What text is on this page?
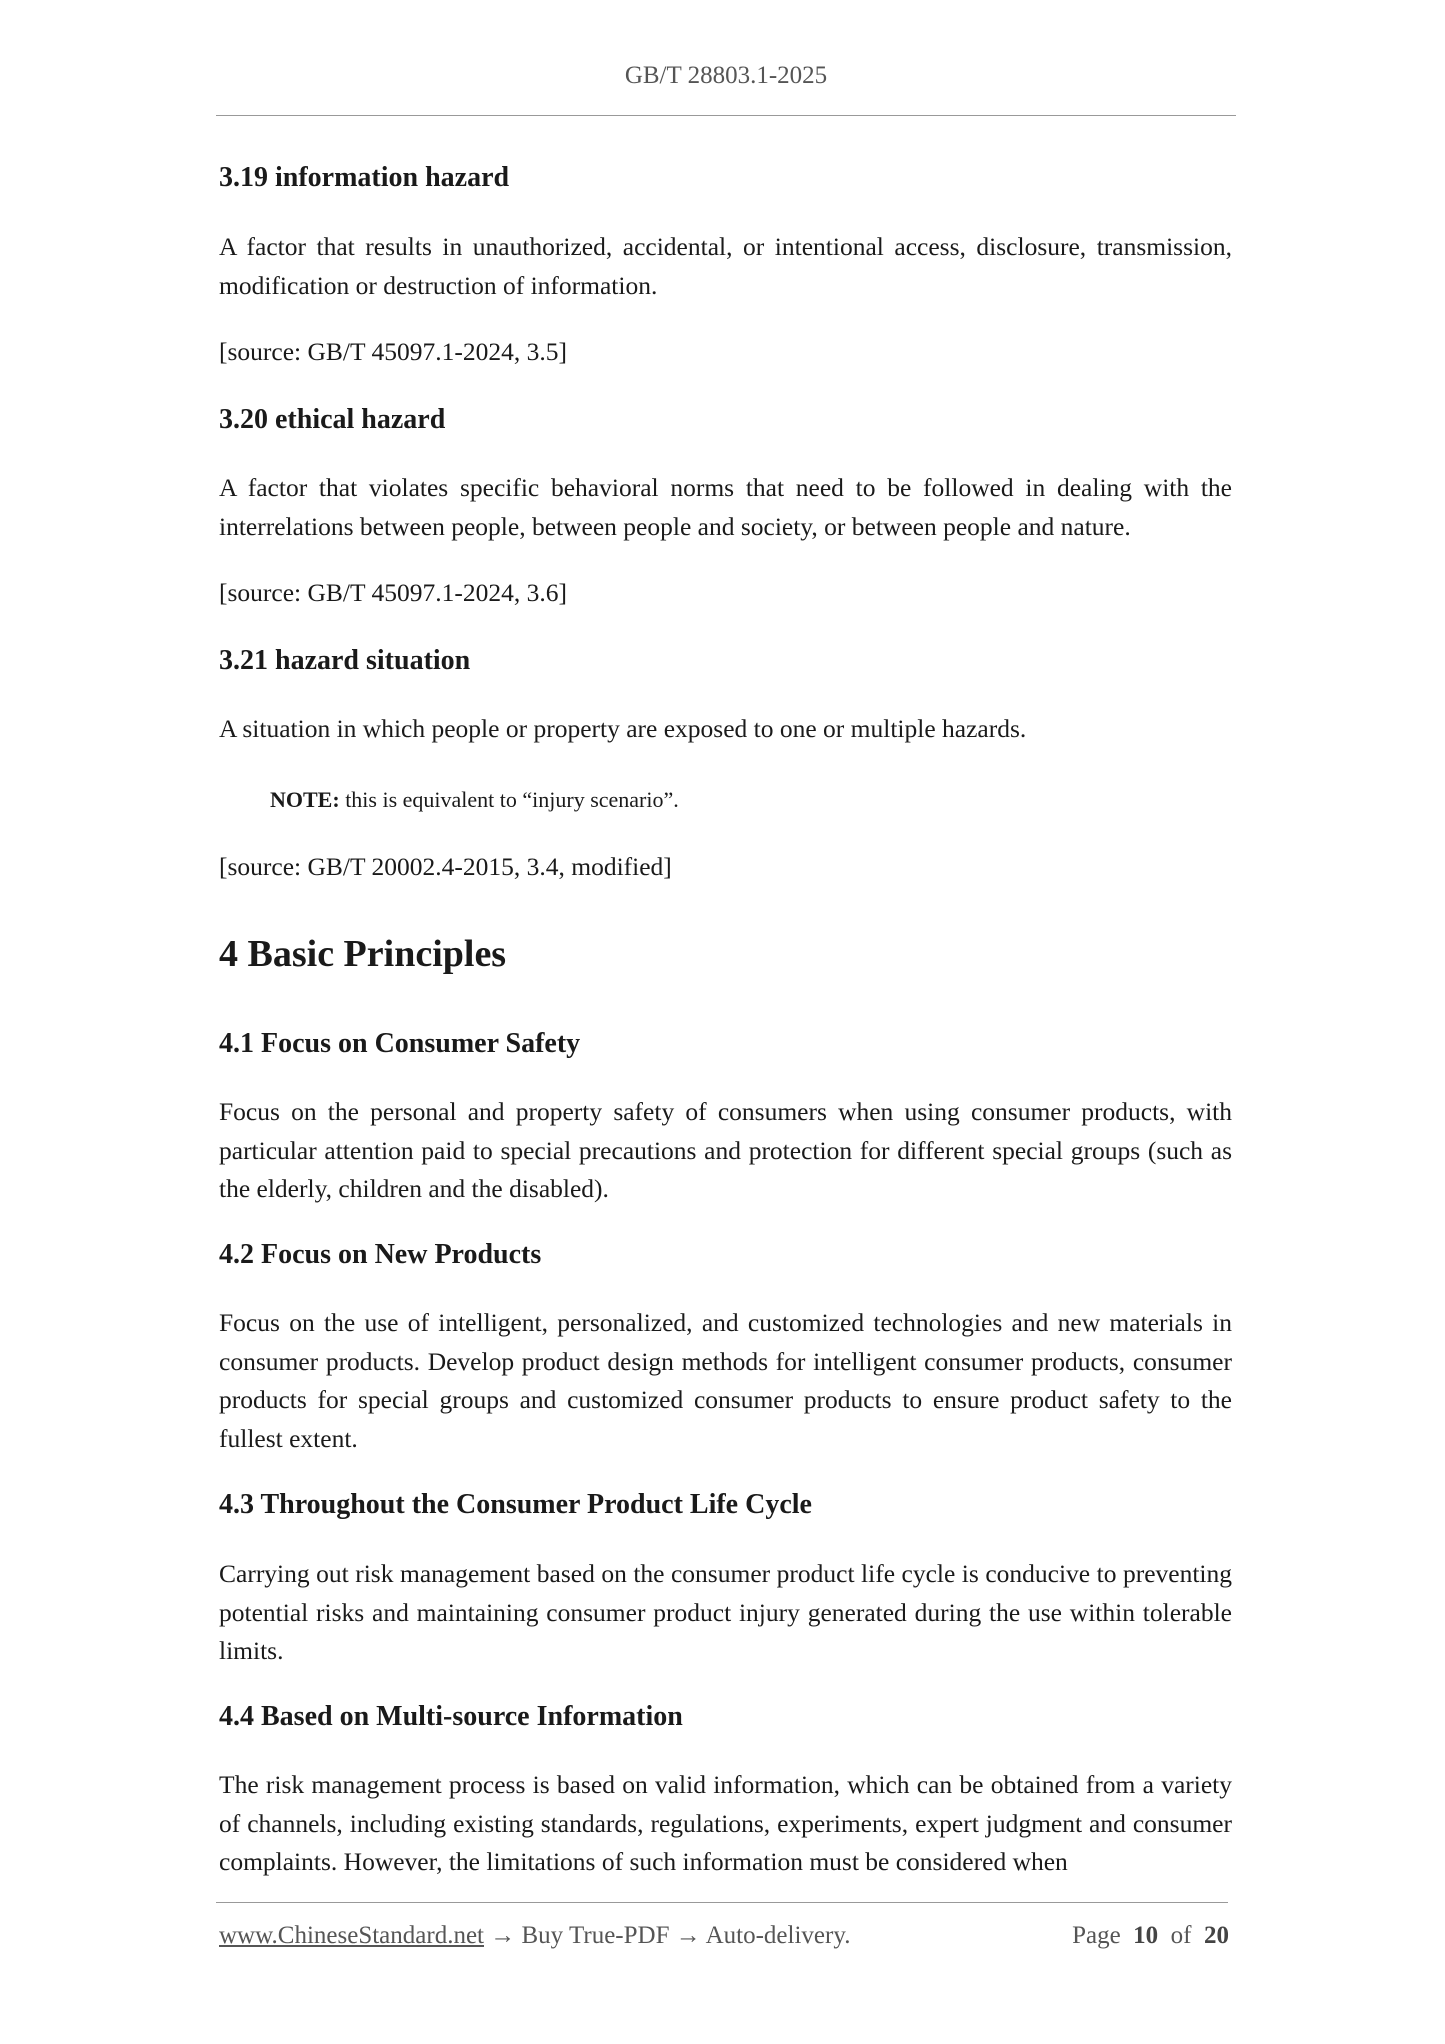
GB/T 28803.1-2025
3.19 information hazard

A factor that results in unauthorized, accidental, or intentional access, disclosure, transmission, modification or destruction of information.

[source: GB/T 45097.1-2024, 3.5]

3.20 ethical hazard

A factor that violates specific behavioral norms that need to be followed in dealing with the interrelations between people, between people and society, or between people and nature.

[source: GB/T 45097.1-2024, 3.6]

3.21 hazard situation

A situation in which people or property are exposed to one or multiple hazards.

NOTE: this is equivalent to “injury scenario”.

[source: GB/T 20002.4-2015, 3.4, modified]

4 Basic Principles
4.1 Focus on Consumer Safety

Focus on the personal and property safety of consumers when using consumer products, with particular attention paid to special precautions and protection for different special groups (such as the elderly, children and the disabled).

4.2 Focus on New Products

Focus on the use of intelligent, personalized, and customized technologies and new materials in consumer products. Develop product design methods for intelligent consumer products, consumer products for special groups and customized consumer products to ensure product safety to the fullest extent.

4.3 Throughout the Consumer Product Life Cycle

Carrying out risk management based on the consumer product life cycle is conducive to preventing potential risks and maintaining consumer product injury generated during the use within tolerable limits.

4.4 Based on Multi-source Information

The risk management process is based on valid information, which can be obtained from a variety of channels, including existing standards, regulations, experiments, expert judgment and consumer complaints. However, the limitations of such information must be considered when

www.ChineseStandard.net → Buy True-PDF → Auto-delivery.	Page 10 of 20
